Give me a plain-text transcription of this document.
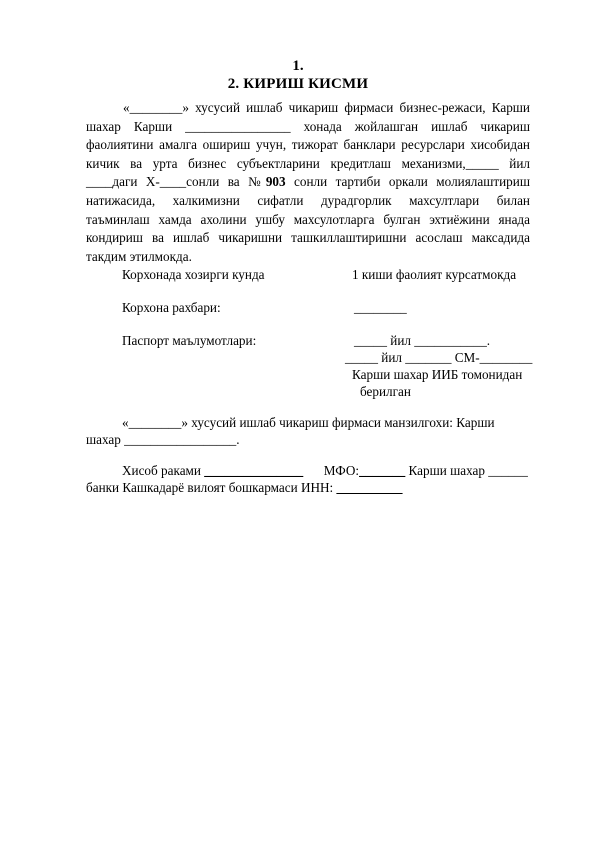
1.
2. КИРИШ КИСМИ
«________» хусусий ишлаб чикариш фирмаси бизнес-режаси, Карши
шахар Карши ________________ хонада жойлашган ишлаб чикариш
фаолиятини амалга ошириш учун, тижорат банклари ресурслари хисобидан
кичик ва урта бизнес субъектларини кредитлаш механизми,_____ йил
____даги Х-____сонли ва №903 сонли тартиби оркали молиялаштириш
натижасида, халкимизни сифатли дурадгорлик махсултлари билан
таъминлаш хамда ахолини ушбу махсулотларга булган эхтиёжини янада
кондириш ва ишлаб чикаришни ташкиллаштиришни асослаш максадида
такдим этилмокда.
Корхонада хозирги кунда	1 киши фаолият курсатмокда
Корхона рахбари:	________
Паспорт маълумотлари:	_____ йил ___________.
_____ йил _______ СМ-________
Карши шахар ИИБ томонидан
берилган
«________» хусусий ишлаб чикариш фирмаси манзилгохи: Карши
шахар _________________.
Хисоб раками _______________ МФО:_______ Карши шахар ______
банки Кашкадарё вилоят бошкармаси ИНН: __________
